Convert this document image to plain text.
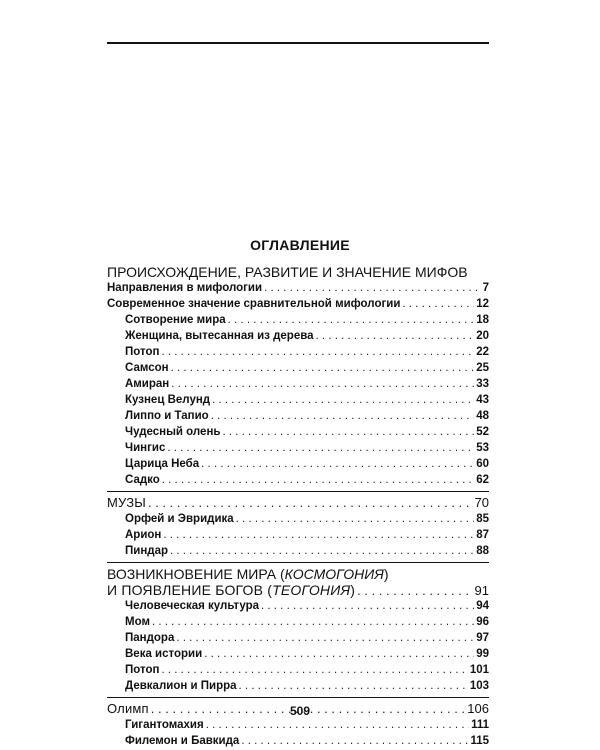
ОГЛАВЛЕНИЕ
ПРОИСХОЖДЕНИЕ, РАЗВИТИЕ И ЗНАЧЕНИЕ МИФОВ
Направления в мифологии . . .	7
Современное значение сравнительной мифологии . . .	12
Сотворение мира . . .	18
Женщина, вытесанная из дерева . . .	20
Потоп . . .	22
Самсон . . .	25
Амиран . . .	33
Кузнец Велунд . . .	43
Липпо и Тапио . . .	48
Чудесный олень . . .	52
Чингис . . .	53
Царица Неба . . .	60
Садко . . .	62
МУЗЫ . . .	70
Орфей и Эвридика . . .	85
Арион . . .	87
Пиндар . . .	88
ВОЗНИКНОВЕНИЕ МИРА (КОСМОГОНИЯ)
И ПОЯВЛЕНИЕ БОГОВ (ТЕОГОНИЯ) . . .	91
Человеческая культура . . .	94
Мом . . .	96
Пандора . . .	97
Века истории . . .	99
Потоп . . .	101
Девкалион и Пирра . . .	103
Олимп . . .	106
Гигантомахия . . .	111
Филемон и Бавкида . . .	115
509
